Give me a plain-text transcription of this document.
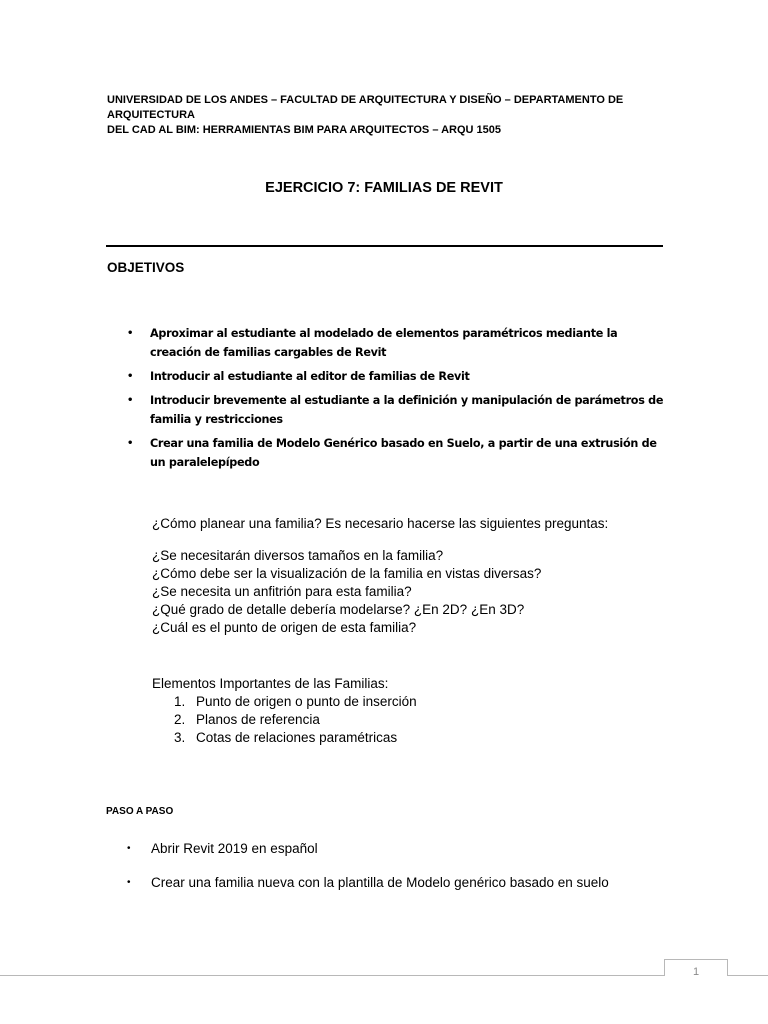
UNIVERSIDAD DE LOS ANDES – FACULTAD DE ARQUITECTURA Y DISEÑO – DEPARTAMENTO DE ARQUITECTURA
DEL CAD AL BIM: HERRAMIENTAS BIM PARA ARQUITECTOS – ARQU 1505
EJERCICIO 7: FAMILIAS DE REVIT
OBJETIVOS
• Aproximar al estudiante al modelado de elementos paramétricos mediante la creación de familias cargables de Revit
• Introducir al estudiante al editor de familias de Revit
• Introducir brevemente al estudiante a la definición y manipulación de parámetros de familia y restricciones
• Crear una familia de Modelo Genérico basado en Suelo, a partir de una extrusión de un paralelepípedo
¿Cómo planear una familia? Es necesario hacerse las siguientes preguntas:
¿Se necesitarán diversos tamaños en la familia?
¿Cómo debe ser la visualización de la familia en vistas diversas?
¿Se necesita un anfitrión para esta familia?
¿Qué grado de detalle debería modelarse? ¿En 2D? ¿En 3D?
¿Cuál es el punto de origen de esta familia?
Elementos Importantes de las Familias:
1. Punto de origen o punto de inserción
2. Planos de referencia
3. Cotas de relaciones paramétricas
PASO A PASO
• Abrir Revit 2019 en español
• Crear una familia nueva con la plantilla de Modelo genérico basado en suelo
1
